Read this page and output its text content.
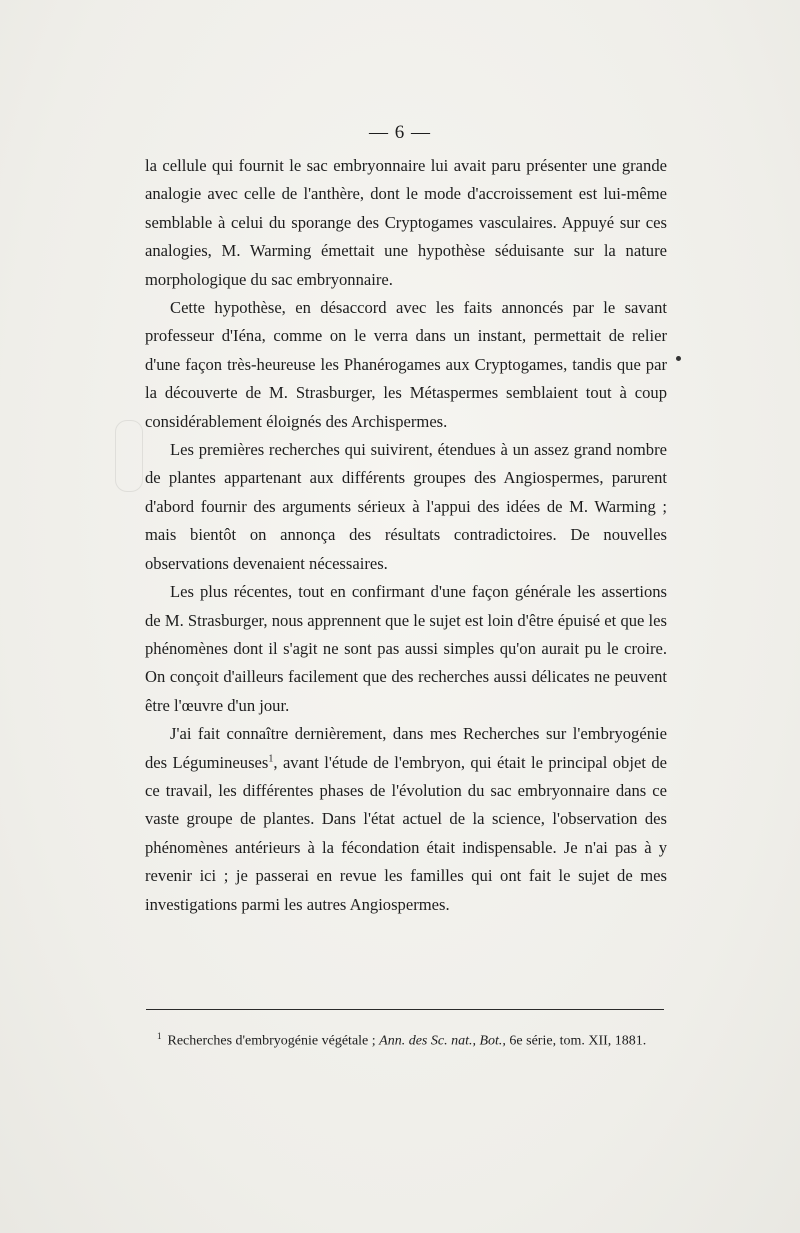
— 6 —

la cellule qui fournit le sac embryonnaire lui avait paru présenter une grande analogie avec celle de l'anthère, dont le mode d'accroissement est lui-même semblable à celui du sporange des Cryptogames vasculaires. Appuyé sur ces analogies, M. Warming émettait une hypothèse séduisante sur la nature morphologique du sac embryonnaire.

Cette hypothèse, en désaccord avec les faits annoncés par le savant professeur d'Iéna, comme on le verra dans un instant, permettait de relier d'une façon très-heureuse les Phanérogames aux Cryptogames, tandis que par la découverte de M. Strasburger, les Métaspermes semblaient tout à coup considérablement éloignés des Archispermes.

Les premières recherches qui suivirent, étendues à un assez grand nombre de plantes appartenant aux différents groupes des Angiospermes, parurent d'abord fournir des arguments sérieux à l'appui des idées de M. Warming ; mais bientôt on annonça des résultats contradictoires. De nouvelles observations devenaient nécessaires.

Les plus récentes, tout en confirmant d'une façon générale les assertions de M. Strasburger, nous apprennent que le sujet est loin d'être épuisé et que les phénomènes dont il s'agit ne sont pas aussi simples qu'on aurait pu le croire. On conçoit d'ailleurs facilement que des recherches aussi délicates ne peuvent être l'œuvre d'un jour.

J'ai fait connaître dernièrement, dans mes Recherches sur l'embryogénie des Légumineuses$^1$, avant l'étude de l'embryon, qui était le principal objet de ce travail, les différentes phases de l'évolution du sac embryonnaire dans ce vaste groupe de plantes. Dans l'état actuel de la science, l'observation des phénomènes antérieurs à la fécondation était indispensable. Je n'ai pas à y revenir ici ; je passerai en revue les familles qui ont fait le sujet de mes investigations parmi les autres Angiospermes.

$^1$ Recherches d'embryogénie végétale ; Ann. des Sc. nat., Bot., 6e série, tom. XII, 1881.
